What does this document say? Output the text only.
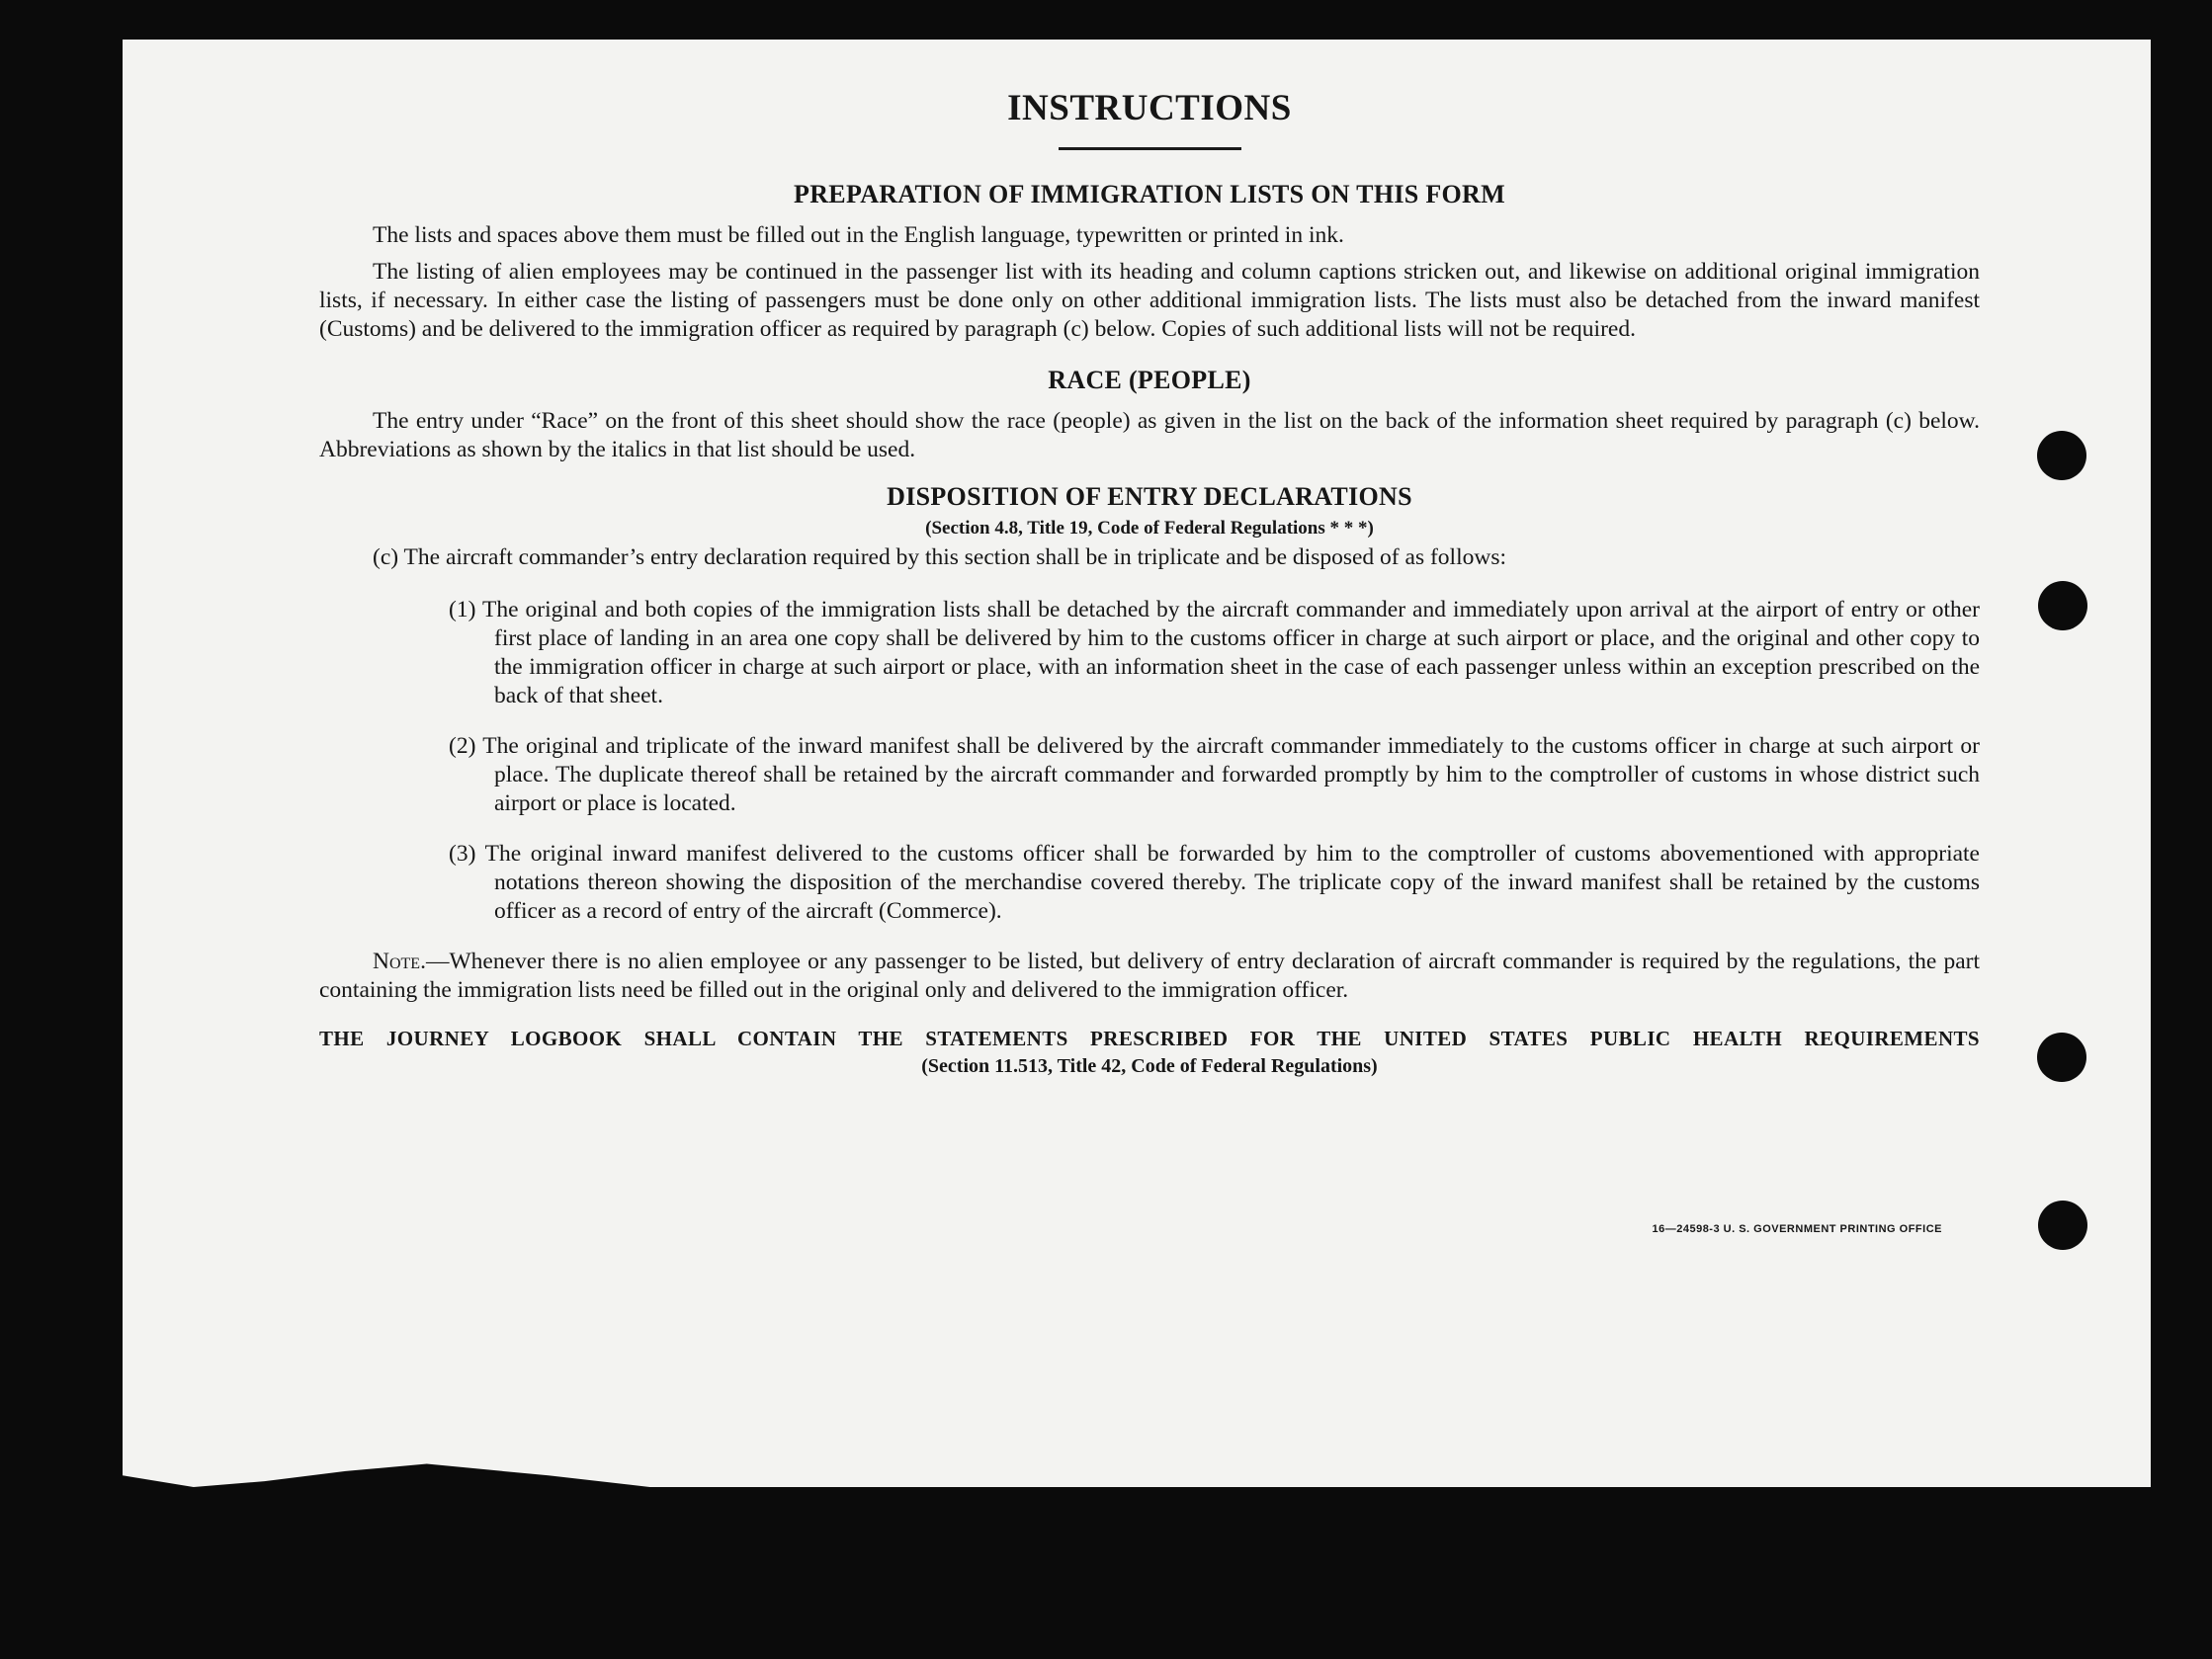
INSTRUCTIONS
PREPARATION OF IMMIGRATION LISTS ON THIS FORM

The lists and spaces above them must be filled out in the English language, typewritten or printed in ink.

The listing of alien employees may be continued in the passenger list with its heading and column captions stricken out, and likewise on additional original immigration lists, if necessary. In either case the listing of passengers must be done only on other additional immigration lists. The lists must also be detached from the inward manifest (Customs) and be delivered to the immigration officer as required by paragraph (c) below. Copies of such additional lists will not be required.

RACE (PEOPLE)

The entry under “Race” on the front of this sheet should show the race (people) as given in the list on the back of the information sheet required by paragraph (c) below. Abbreviations as shown by the italics in that list should be used.

DISPOSITION OF ENTRY DECLARATIONS

(Section 4.8, Title 19, Code of Federal Regulations * * *)

(c) The aircraft commander’s entry declaration required by this section shall be in triplicate and be disposed of as follows:

(1) The original and both copies of the immigration lists shall be detached by the aircraft commander and immediately upon arrival at the airport of entry or other first place of landing in an area one copy shall be delivered by him to the customs officer in charge at such airport or place, and the original and other copy to the immigration officer in charge at such airport or place, with an information sheet in the case of each passenger unless within an exception prescribed on the back of that sheet.

(2) The original and triplicate of the inward manifest shall be delivered by the aircraft commander immediately to the customs officer in charge at such airport or place. The duplicate thereof shall be retained by the aircraft commander and forwarded promptly by him to the comptroller of customs in whose district such airport or place is located.

(3) The original inward manifest delivered to the customs officer shall be forwarded by him to the comptroller of customs abovementioned with appropriate notations thereon showing the disposition of the merchandise covered thereby. The triplicate copy of the inward manifest shall be retained by the customs officer as a record of entry of the aircraft (Commerce).

Note.—Whenever there is no alien employee or any passenger to be listed, but delivery of entry declaration of aircraft commander is required by the regulations, the part containing the immigration lists need be filled out in the original only and delivered to the immigration officer.

THE JOURNEY LOGBOOK SHALL CONTAIN THE STATEMENTS PRESCRIBED FOR THE UNITED STATES PUBLIC HEALTH REQUIREMENTS

(Section 11.513, Title 42, Code of Federal Regulations)

16—24598-3 U. S. GOVERNMENT PRINTING OFFICE
